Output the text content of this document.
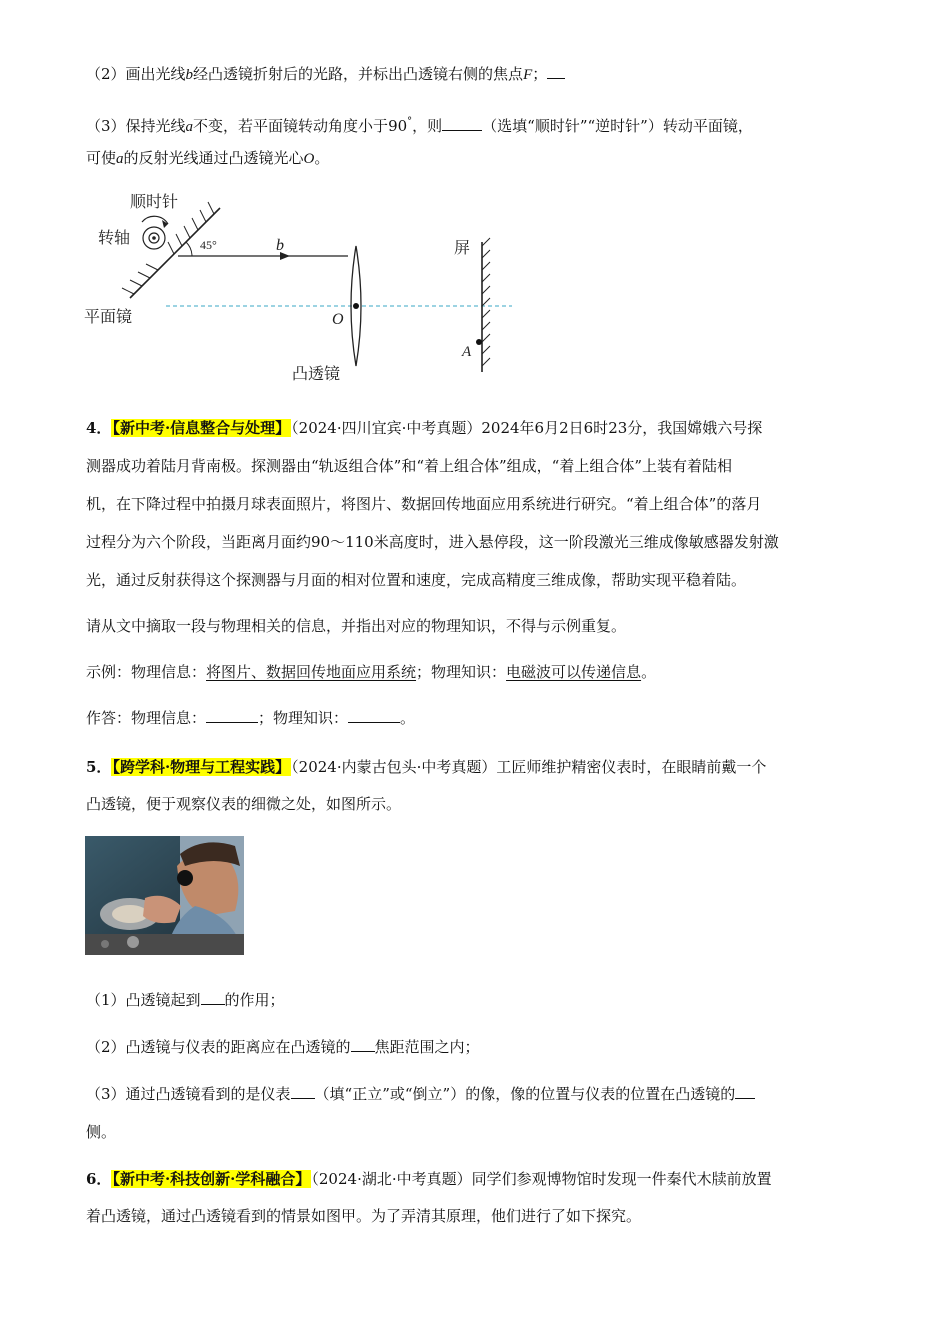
（2）画出光线b经凸透镜折射后的光路，并标出凸透镜右侧的焦点F；
（3）保持光线a不变，若平面镜转动角度小于90°，则	（选填“顺时针”“逆时针”）转动平面镜，
可使a的反射光线通过凸透镜光心O。
顺时针
转轴	45°	b
平面镜	O
凸透镜
屏
A
4．【新中考·信息整合与处理】（2024·四川宜宾·中考真题）2024年6月2日6时23分，我国嫦娥六号探
测器成功着陆月背南极。探测器由“轨返组合体”和“着上组合体”组成，“着上组合体”上装有着陆相
机，在下降过程中拍摄月球表面照片，将图片、数据回传地面应用系统进行研究。“着上组合体”的落月
过程分为六个阶段，当距离月面约90～110米高度时，进入悬停段，这一阶段激光三维成像敏感器发射激
光，通过反射获得这个探测器与月面的相对位置和速度，完成高精度三维成像，帮助实现平稳着陆。
请从文中摘取一段与物理相关的信息，并指出对应的物理知识，不得与示例重复。
示例：物理信息：将图片、数据回传地面应用系统；物理知识：电磁波可以传递信息。
作答：物理信息：	；物理知识：	。
5．【跨学科·物理与工程实践】（2024·内蒙古包头·中考真题）工匠师维护精密仪表时，在眼睛前戴一个
凸透镜，便于观察仪表的细微之处，如图所示。
（1）凸透镜起到 的作用；
（2）凸透镜与仪表的距离应在凸透镜的 焦距范围之内；
（3）通过凸透镜看到的是仪表 （填“正立”或“倒立”）的像，像的位置与仪表的位置在凸透镜的
侧。
6．【新中考·科技创新·学科融合】（2024·湖北·中考真题）同学们参观博物馆时发现一件秦代木牍前放置
着凸透镜，通过凸透镜看到的情景如图甲。为了弄清其原理，他们进行了如下探究。
